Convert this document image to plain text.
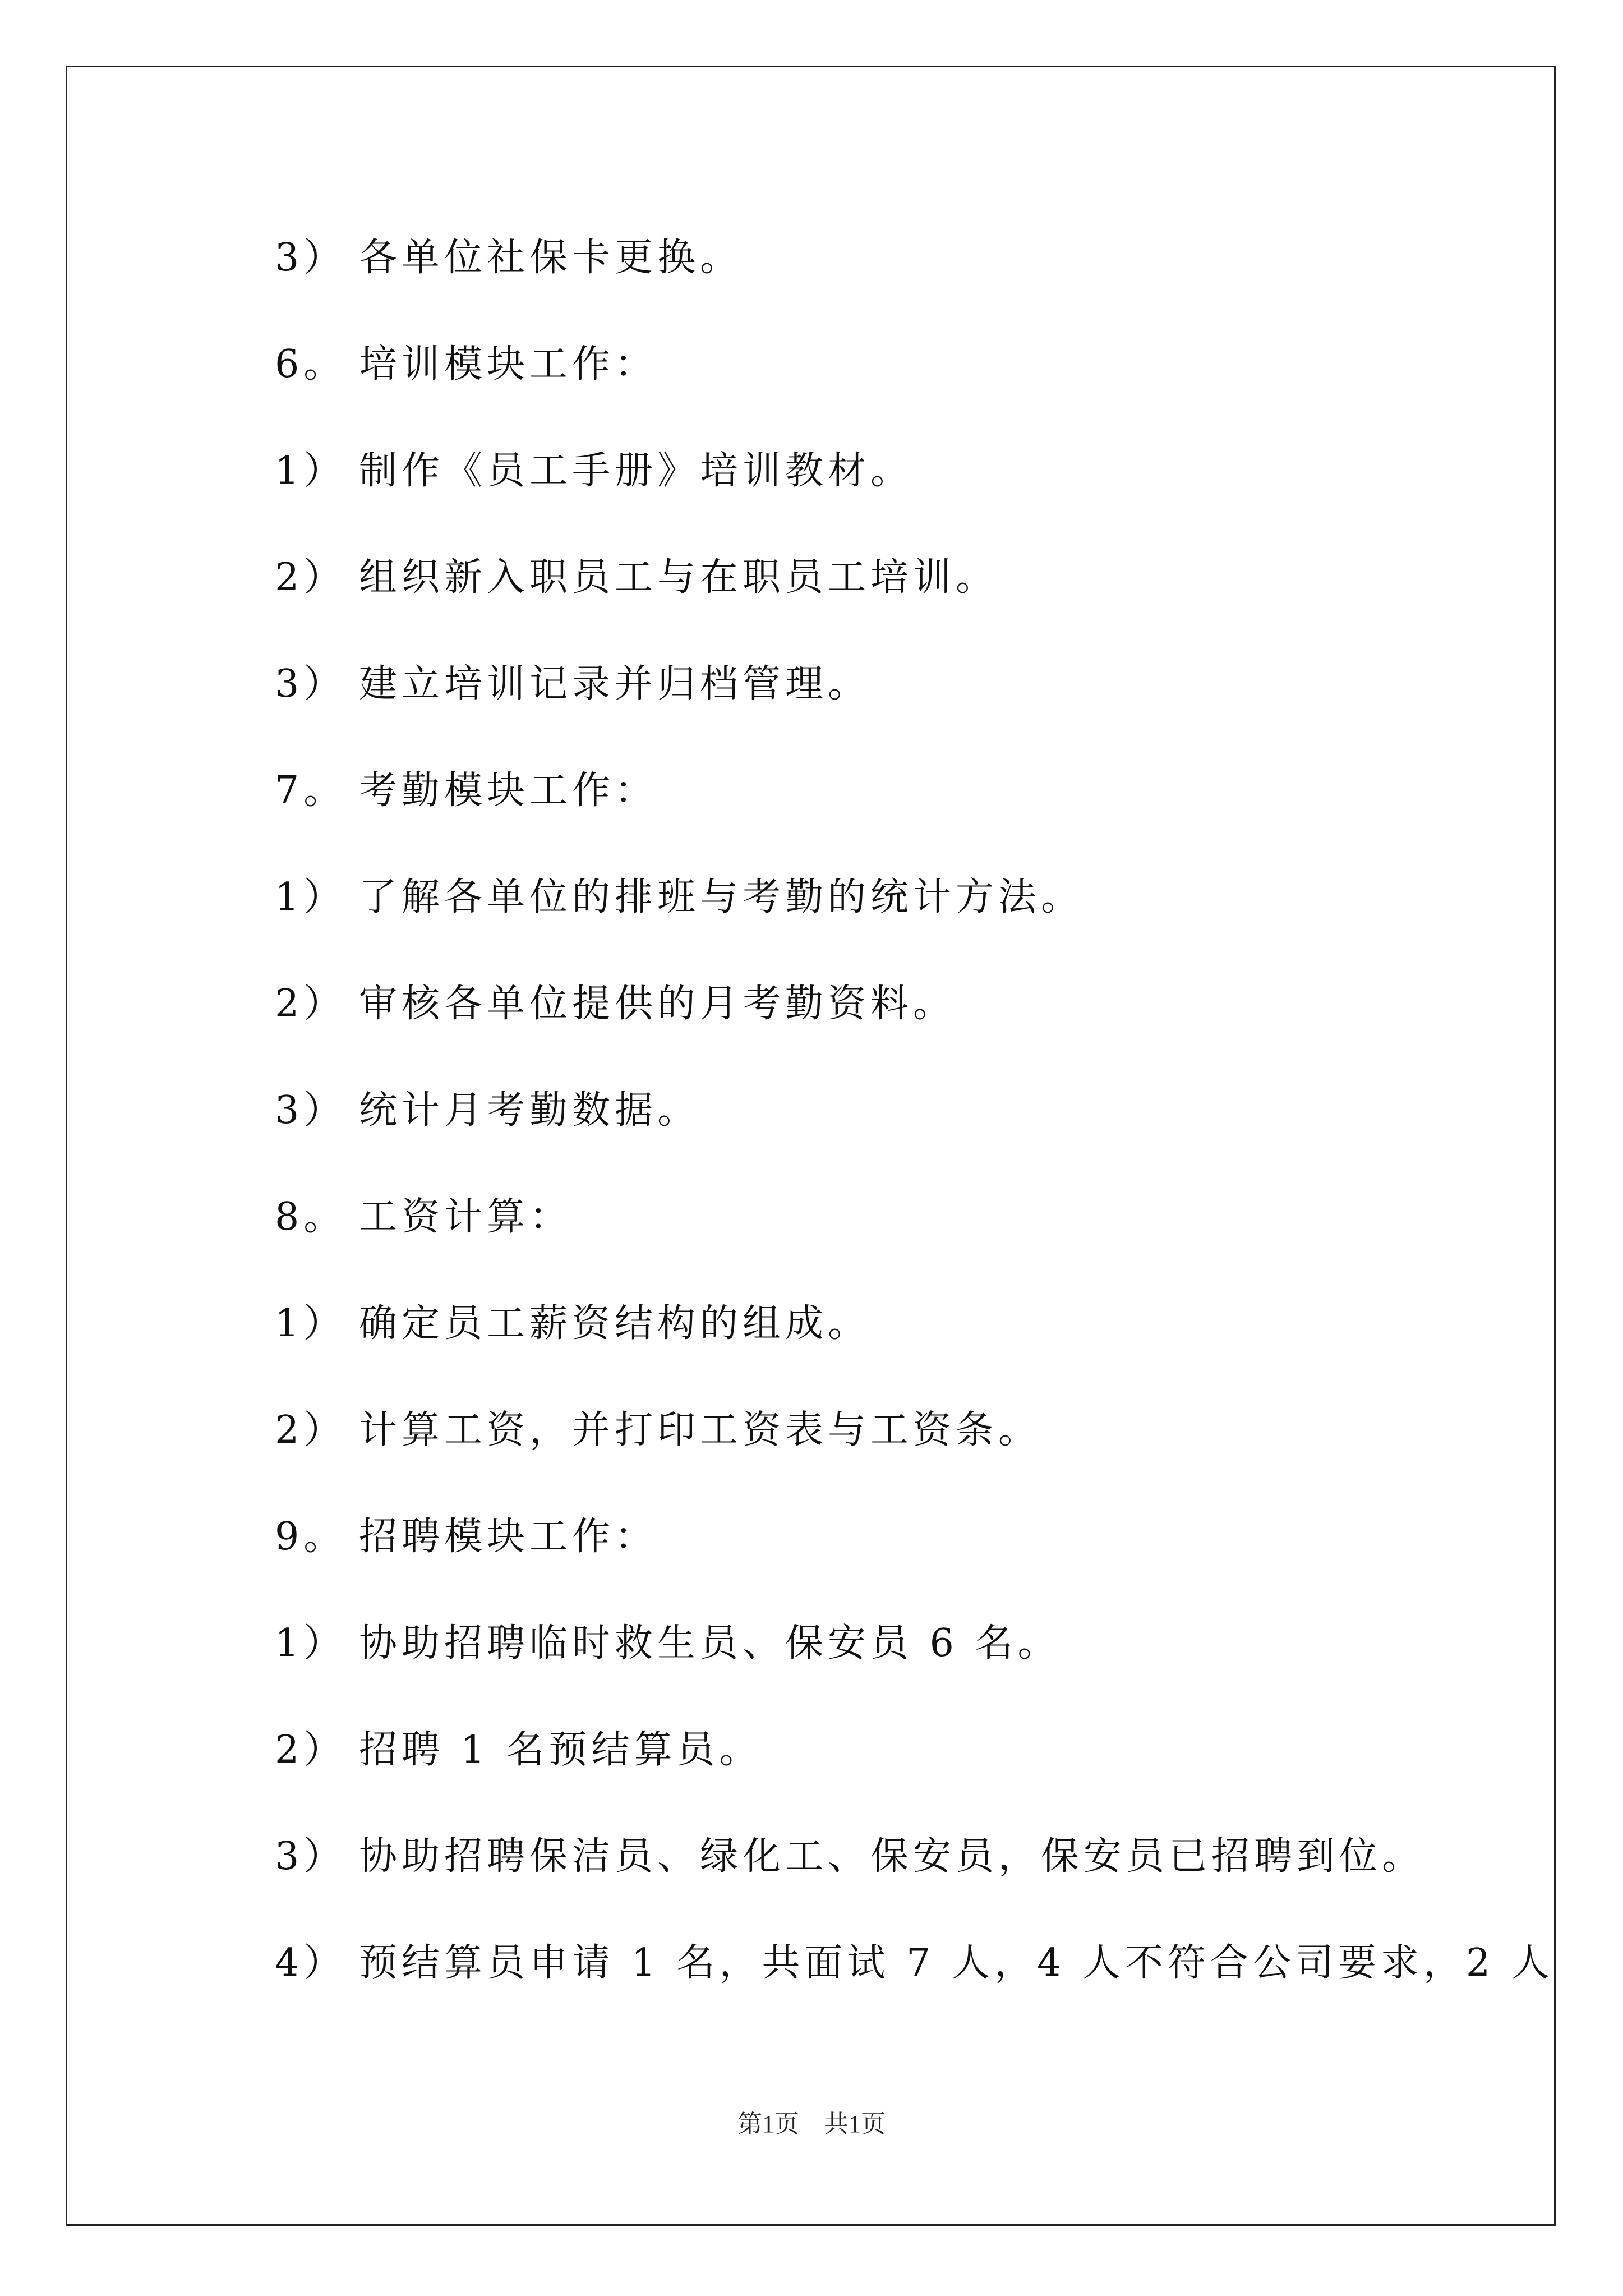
3） 各单位社保卡更换。
6。 培训模块工作：
1） 制作《员工手册》培训教材。
2） 组织新入职员工与在职员工培训。
3） 建立培训记录并归档管理。
7。 考勤模块工作：
1） 了解各单位的排班与考勤的统计方法。
2） 审核各单位提供的月考勤资料。
3） 统计月考勤数据。
8。 工资计算：
1） 确定员工薪资结构的组成。
2） 计算工资，并打印工资表与工资条。
9。 招聘模块工作：
1） 协助招聘临时救生员、保安员 6 名。
2） 招聘 1 名预结算员。
3） 协助招聘保洁员、绿化工、保安员，保安员已招聘到位。
4） 预结算员申请 1 名，共面试 7 人，4 人不符合公司要求，2 人
第1页　共1页
